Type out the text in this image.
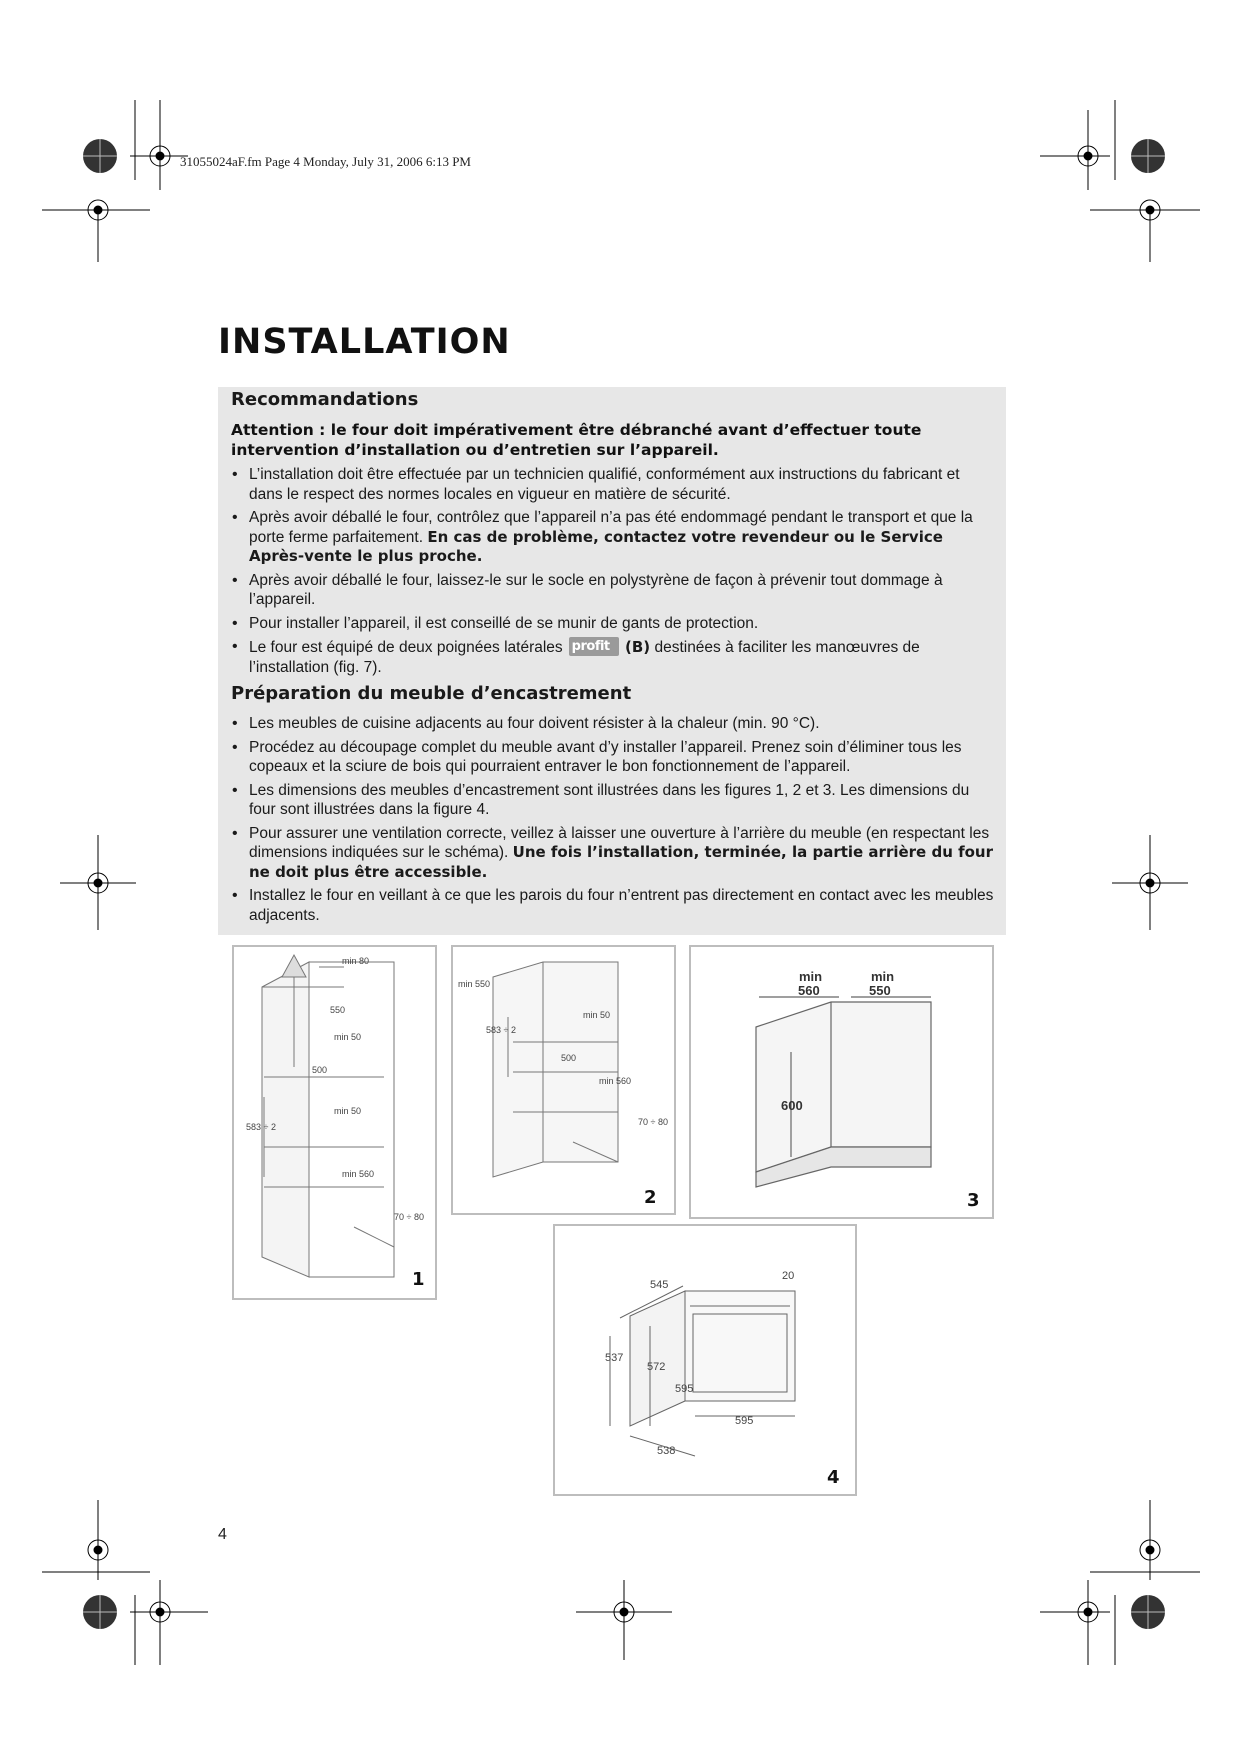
31055024aF.fm Page 4 Monday, July 31, 2006 6:13 PM
INSTALLATION
Recommandations

Attention : le four doit impérativement être débranché avant d’effectuer toute intervention d’installation ou d’entretien sur l’appareil.

• L’installation doit être effectuée par un technicien qualifié, conformément aux instructions du fabricant et dans le respect des normes locales en vigueur en matière de sécurité.
• Après avoir déballé le four, contrôlez que l’appareil n’a pas été endommagé pendant le transport et que la porte ferme parfaitement. En cas de problème, contactez votre revendeur ou le Service Après-vente le plus proche.
• Après avoir déballé le four, laissez-le sur le socle en polystyrène de façon à prévenir tout dommage à l’appareil.
• Pour installer l’appareil, il est conseillé de se munir de gants de protection.
• Le four est équipé de deux poignées latérales profit (B) destinées à faciliter les manœuvres de l’installation (fig. 7).
Préparation du meuble d’encastrement
• Les meubles de cuisine adjacents au four doivent résister à la chaleur (min. 90 °C).
• Procédez au découpage complet du meuble avant d’y installer l’appareil. Prenez soin d’éliminer tous les copeaux et la sciure de bois qui pourraient entraver le bon fonctionnement de l’appareil.
• Les dimensions des meubles d’encastrement sont illustrées dans les figures 1, 2 et 3. Les dimensions du four sont illustrées dans la figure 4.
• Pour assurer une ventilation correcte, veillez à laisser une ouverture à l’arrière du meuble (en respectant les dimensions indiquées sur le schéma). Une fois l’installation, terminée, la partie arrière du four ne doit plus être accessible.
• Installez le four en veillant à ce que les parois du four n’entrent pas directement en contact avec les meubles adjacents.
min 80
550
min 50
500
min 50
583 ÷ 2
min 560
70 ÷ 80
1
min 550
min 50
583 ÷ 2
500
min 560
70 ÷ 80
2
min
560
min
550
600
3
545
20
537
572
595
595
538
4
4
